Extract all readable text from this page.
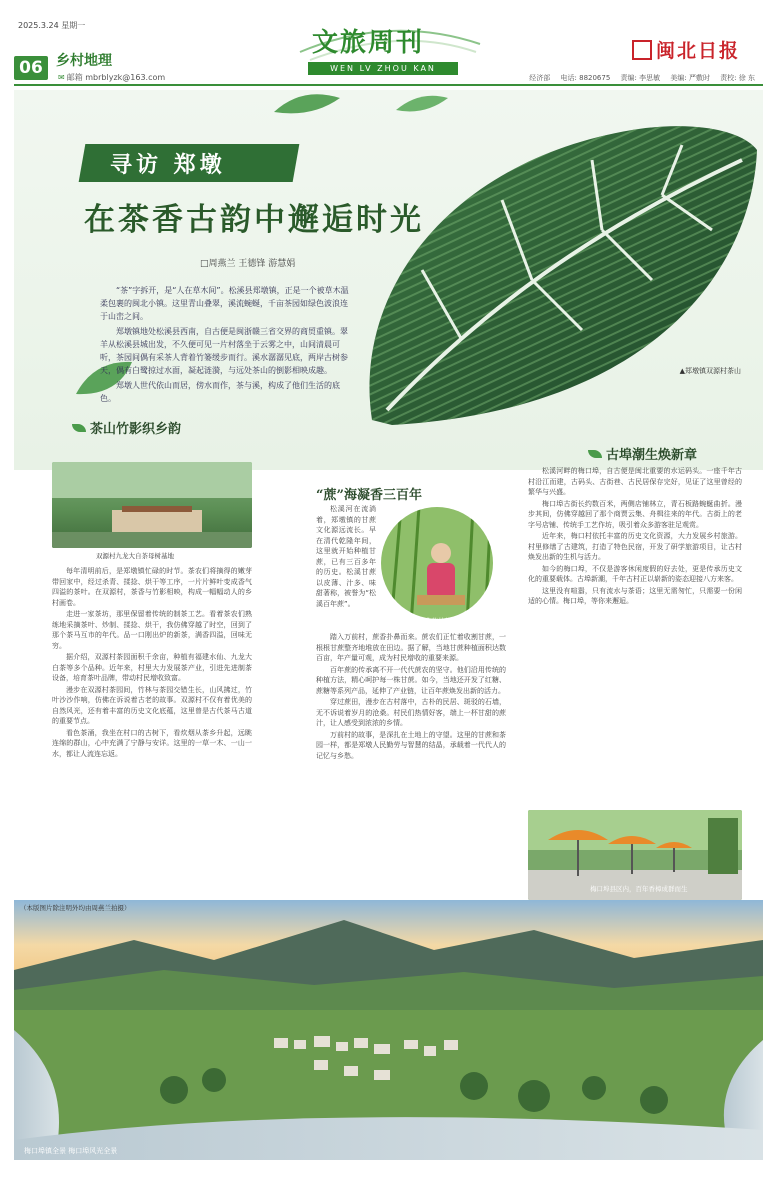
2025.3.24 星期一
06 乡村地理
✉ 邮箱 mbrblyzk@163.com
文旅周刊
WEN LV ZHOU KAN
闽北日报
经济部 电话: 8820675 责编: 李思敏 美编: 严敷时 责校: 徐 东
寻访 郑墩
在茶香古韵中邂逅时光
□周燕兰 王德锋 游慧娟

“茶”字拆开，是“人在草木间”。松溪县郑墩镇，正是一个被草木温柔包裹的闽北小镇。这里青山叠翠，溪流蜿蜒，千亩茶园如绿色波浪连于山峦之间。

郑墩镇地处松溪县西南，自古便是闽浙赣三省交界的商贸重镇。翠羊从松溪县城出发，不久便可见一片村落坐于云雾之中，山间清晨可听，茶园间偶有采茶人背着竹篓缓步而行。溪水潺潺见底，两岸古树参天，偶有白鹭掠过水面，凝起涟漪，与远处茶山的倒影相映成趣。

郑墩人世代依山而居，傍水而作，茶与溪，构成了他们生活的底色。

▲郑墩镇双源村茶山
茶山竹影织乡韵
双源村九龙大自茶母树基地

每年清明前后，是郑墩镇忙碌的时节。茶农们将摘得的嫩芽带回家中，经过杀青、揉捻、烘干等工序，一片片鲜叶变成香气四溢的茶叶。在双源村，茶香与竹影相映，构成一幅幅动人的乡村画卷。

走进一家茶坊，那里保留着传统的制茶工艺。看着茶农们熟练地采摘茶叶、炒制、揉捻、烘干，我仿佛穿越了时空，回到了那个茶马互市的年代。品一口刚出炉的新茶，满香四溢，回味无穷。

据介绍，双源村茶园面积千余亩，种植有福建水仙、九龙大白茶等多个品种。近年来，村里大力发展茶产业，引进先进制茶设备，培育茶叶品牌，带动村民增收致富。

漫步在双源村茶园间，竹林与茶园交错生长，山风拂过，竹叶沙沙作响，仿佛在诉说着古老的故事。双源村不仅有着优美的自然风光，还有着丰富的历史文化底蕴，这里曾是古代茶马古道的重要节点。

看色茶涌，我坐在村口的古树下，看炊烟从茶乡升起，远眺连绵的群山，心中充满了宁静与安详。这里的一草一木、一山一水，都让人流连忘返。

“蔗”海凝香三百年
蔗农收获甘蔗

松溪河在流淌着，郑墩镇的甘蔗文化源远流长。早在清代乾隆年间，这里就开始种植甘蔗，已有三百多年的历史。松溪甘蔗以皮薄、汁多、味甜著称，被誉为“松溪百年蔗”。

踏入万前村，蔗香扑鼻而来。蔗农们正忙着收割甘蔗，一根根甘蔗整齐地堆放在田边。据了解，当地甘蔗种植面积达数百亩，年产量可观，成为村民增收的重要来源。

百年蔗的传承离不开一代代蔗农的坚守。他们沿用传统的种植方法，精心呵护每一株甘蔗。如今，当地还开发了红糖、蔗糖等系列产品，延伸了产业链，让百年蔗焕发出新的活力。

穿过蔗田，漫步在古村落中，古朴的民居、斑驳的石墙，无不诉说着岁月的沧桑。村民们热情好客，端上一杯甘甜的蔗汁，让人感受到浓浓的乡情。

万前村的故事，是深扎在土地上的守望。这里的甘蔗和茶园一样，都是郑墩人民勤劳与智慧的结晶，承载着一代代人的记忆与乡愁。

古埠潮生焕新章

松溪河畔的梅口埠，自古便是闽北重要的水运码头。一座千年古村沿江而建，古码头、古街巷、古民居保存完好，见证了这里曾经的繁华与兴盛。

梅口埠古街长约数百米，两侧店铺林立，青石板路蜿蜒曲折。漫步其间，仿佛穿越回了那个商贾云集、舟楫往来的年代。古街上的老字号店铺、传统手工艺作坊，吸引着众多游客驻足观赏。

近年来，梅口村依托丰富的历史文化资源，大力发展乡村旅游。村里修缮了古建筑，打造了特色民宿，开发了研学旅游项目，让古村焕发出新的生机与活力。

如今的梅口埠，不仅是游客休闲度假的好去处，更是传承历史文化的重要载体。古埠新潮，千年古村正以崭新的姿态迎接八方来客。

这里没有喧嚣，只有流水与茶语；这里无需匆忙，只需要一份闲适的心情。梅口埠，等你来邂逅。

梅口埠县区内，百年香樟成群而生
（本版图片除注明外均由周燕兰拍摄）
梅口埠镇全景 梅口埠风光全景
